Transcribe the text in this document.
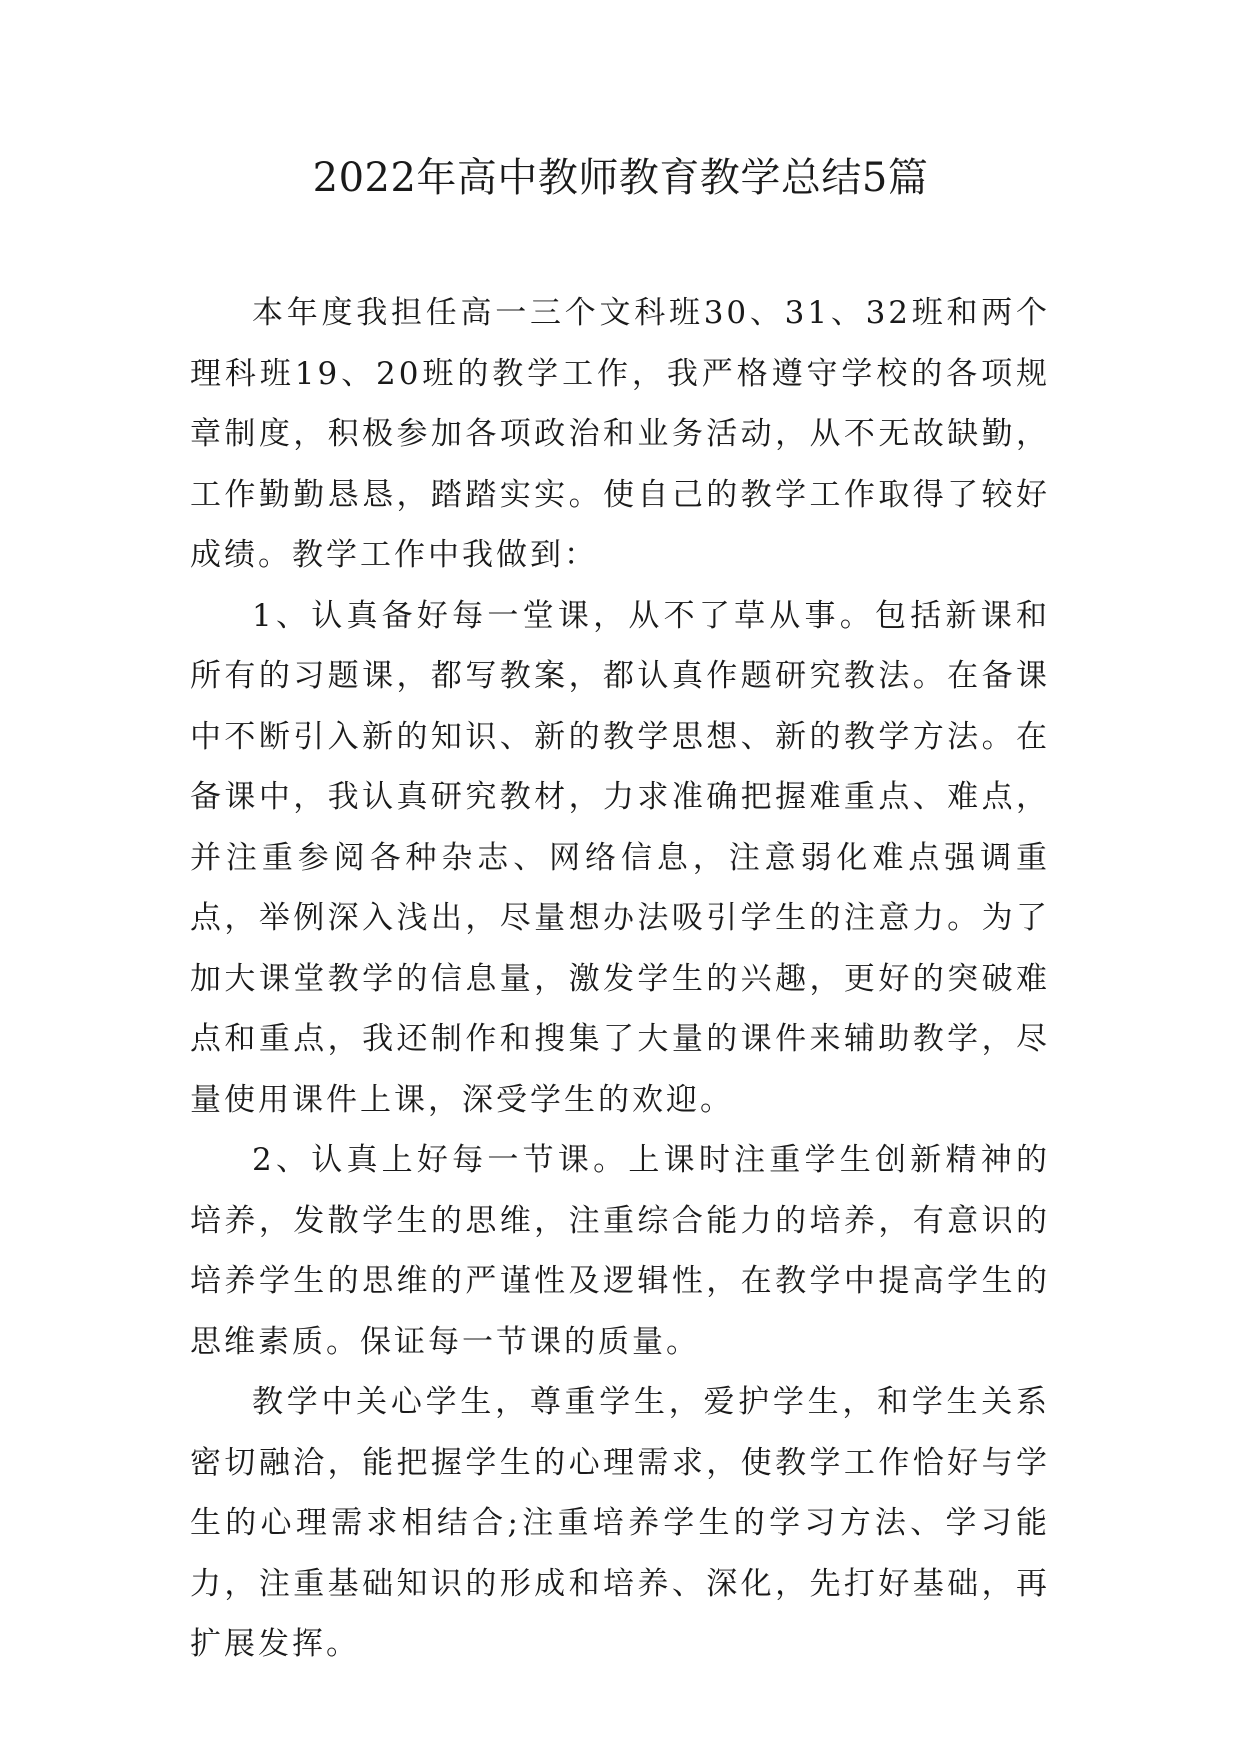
2022年高中教师教育教学总结5篇

本年度我担任高一三个文科班30、31、32班和两个理科班19、20班的教学工作，我严格遵守学校的各项规章制度，积极参加各项政治和业务活动，从不无故缺勤，工作勤勤恳恳，踏踏实实。使自己的教学工作取得了较好成绩。教学工作中我做到：

1、认真备好每一堂课，从不了草从事。包括新课和所有的习题课，都写教案，都认真作题研究教法。在备课中不断引入新的知识、新的教学思想、新的教学方法。在备课中，我认真研究教材，力求准确把握难重点、难点，并注重参阅各种杂志、网络信息，注意弱化难点强调重点，举例深入浅出，尽量想办法吸引学生的注意力。为了加大课堂教学的信息量，激发学生的兴趣，更好的突破难点和重点，我还制作和搜集了大量的课件来辅助教学，尽量使用课件上课，深受学生的欢迎。

2、认真上好每一节课。上课时注重学生创新精神的培养，发散学生的思维，注重综合能力的培养，有意识的培养学生的思维的严谨性及逻辑性，在教学中提高学生的思维素质。保证每一节课的质量。

教学中关心学生，尊重学生，爱护学生，和学生关系密切融洽，能把握学生的心理需求，使教学工作恰好与学生的心理需求相结合;注重培养学生的学习方法、学习能力，注重基础知识的形成和培养、深化，先打好基础，再扩展发挥。
